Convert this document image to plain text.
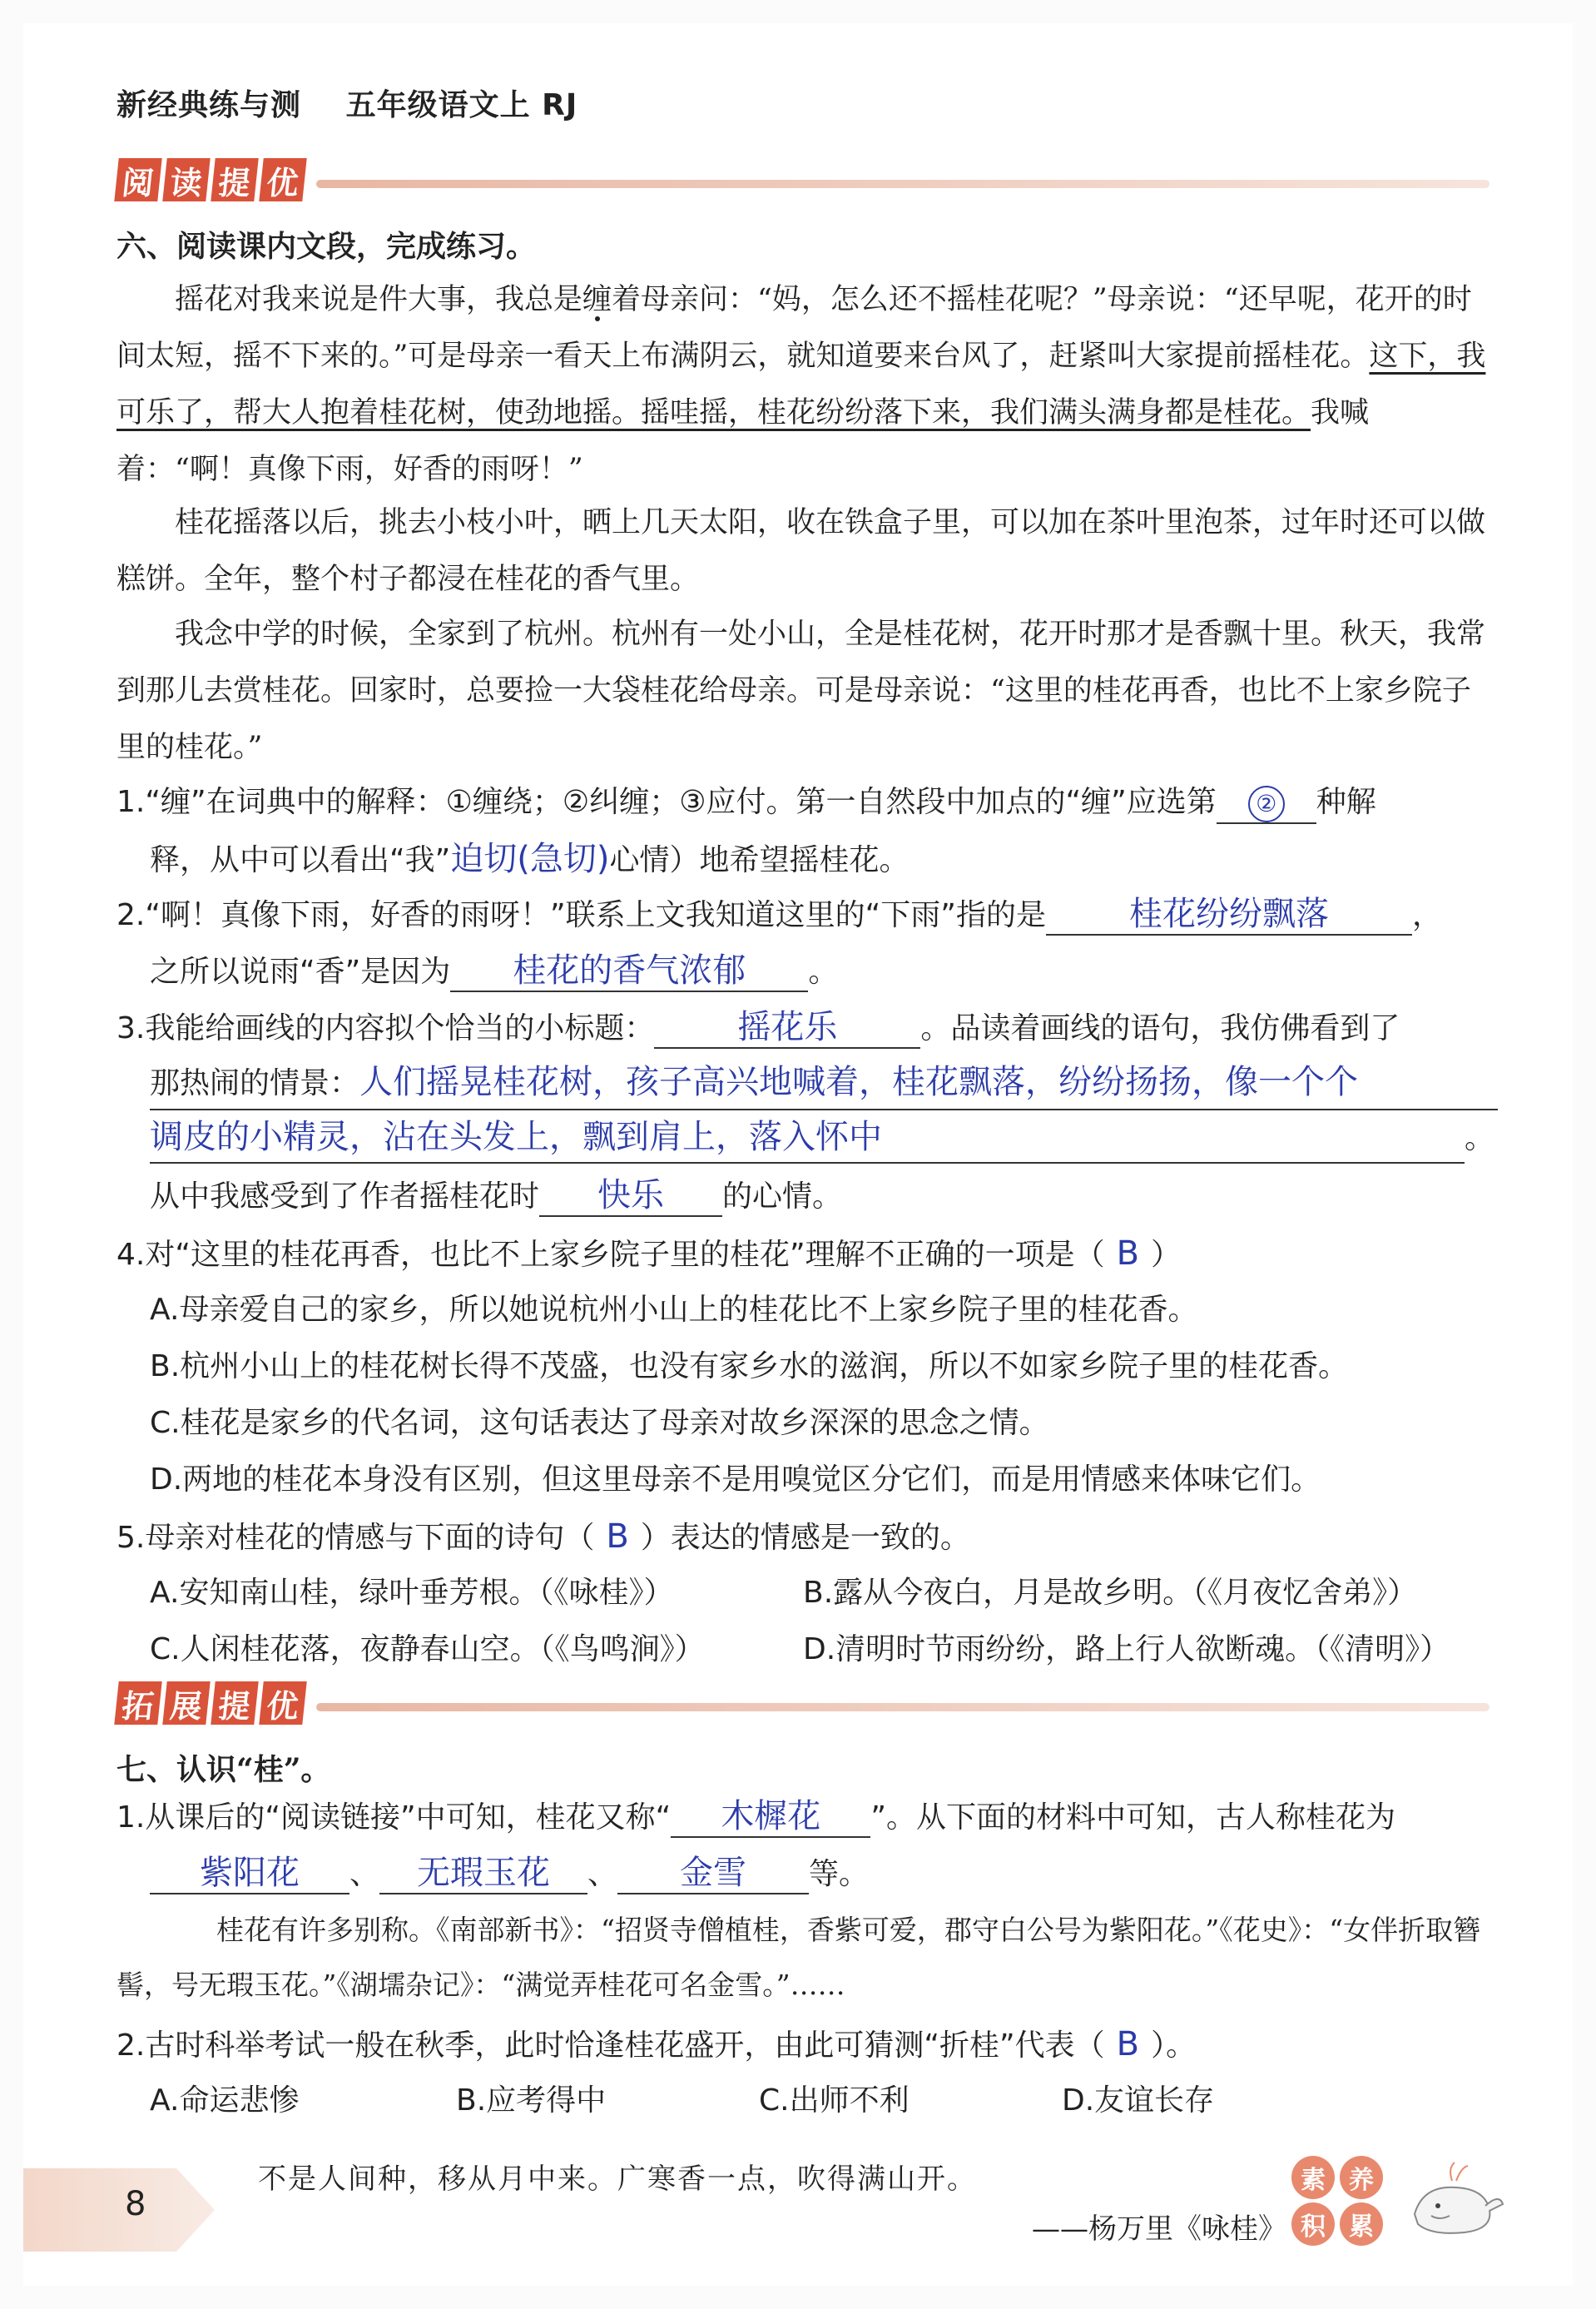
新经典练与测 五年级语文上 RJ
阅 读 提 优
六、阅读课内文段，完成练习。
摇花对我来说是件大事，我总是缠着母亲问：“妈，怎么还不摇桂花呢？”母亲说：“还早呢，花开的时间太短，摇不下来的。”可是母亲一看天上布满阴云，就知道要来台风了，赶紧叫大家提前摇桂花。这下，我可乐了，帮大人抱着桂花树，使劲地摇。摇哇摇，桂花纷纷落下来，我们满头满身都是桂花。我喊着：“啊！真像下雨，好香的雨呀！”
桂花摇落以后，挑去小枝小叶，晒上几天太阳，收在铁盒子里，可以加在茶叶里泡茶，过年时还可以做糕饼。全年，整个村子都浸在桂花的香气里。
我念中学的时候，全家到了杭州。杭州有一处小山，全是桂花树，花开时那才是香飘十里。秋天，我常到那儿去赏桂花。回家时，总要捡一大袋桂花给母亲。可是母亲说：“这里的桂花再香，也比不上家乡院子里的桂花。”
1.“缠”在词典中的解释：①缠绕；②纠缠；③应付。第一自然段中加点的“缠”应选第 ② 种解
释，从中可以看出“我”迫切(急切)心情）地希望摇桂花。
2.“啊！真像下雨，好香的雨呀！”联系上文我知道这里的“下雨”指的是	桂花纷纷飘落	，
之所以说雨“香”是因为 桂花的香气浓郁 。
3.我能给画线的内容拟个恰当的小标题：	摇花乐	。品读着画线的语句，我仿佛看到了
那热闹的情景：人们摇晃桂花树，孩子高兴地喊着，桂花飘落，纷纷扬扬，像一个个
调皮的小精灵，沾在头发上，飘到肩上，落入怀中	。
从中我感受到了作者摇桂花时 快乐 的心情。
4.对“这里的桂花再香，也比不上家乡院子里的桂花”理解不正确的一项是（ B ）
A.母亲爱自己的家乡，所以她说杭州小山上的桂花比不上家乡院子里的桂花香。
B.杭州小山上的桂花树长得不茂盛，也没有家乡水的滋润，所以不如家乡院子里的桂花香。
C.桂花是家乡的代名词，这句话表达了母亲对故乡深深的思念之情。
D.两地的桂花本身没有区别，但这里母亲不是用嗅觉区分它们，而是用情感来体味它们。
5.母亲对桂花的情感与下面的诗句（ B ）表达的情感是一致的。
A.安知南山桂，绿叶垂芳根。（《咏桂》）	B.露从今夜白，月是故乡明。（《月夜忆舍弟》）
C.人闲桂花落，夜静春山空。（《鸟鸣涧》）	D.清明时节雨纷纷，路上行人欲断魂。（《清明》）
拓 展 提 优
七、认识“桂”。
1.从课后的“阅读链接”中可知，桂花又称“ 木樨花 ”。从下面的材料中可知，古人称桂花为
紫阳花 、 无瑕玉花 、 金雪 等。
桂花有许多别称。《南部新书》：“招贤寺僧植桂，香紫可爱，郡守白公号为紫阳花。”《花史》：“女伴折取簪髻，号无瑕玉花。”《湖壖杂记》：“满觉弄桂花可名金雪。”……
2.古时科举考试一般在秋季，此时恰逢桂花盛开，由此可猜测“折桂”代表（ B ）。
A.命运悲惨	B.应考得中	C.出师不利	D.友谊长存
8
不是人间种，移从月中来。广寒香一点，吹得满山开。
——杨万里《咏桂》
素 养
积 累
